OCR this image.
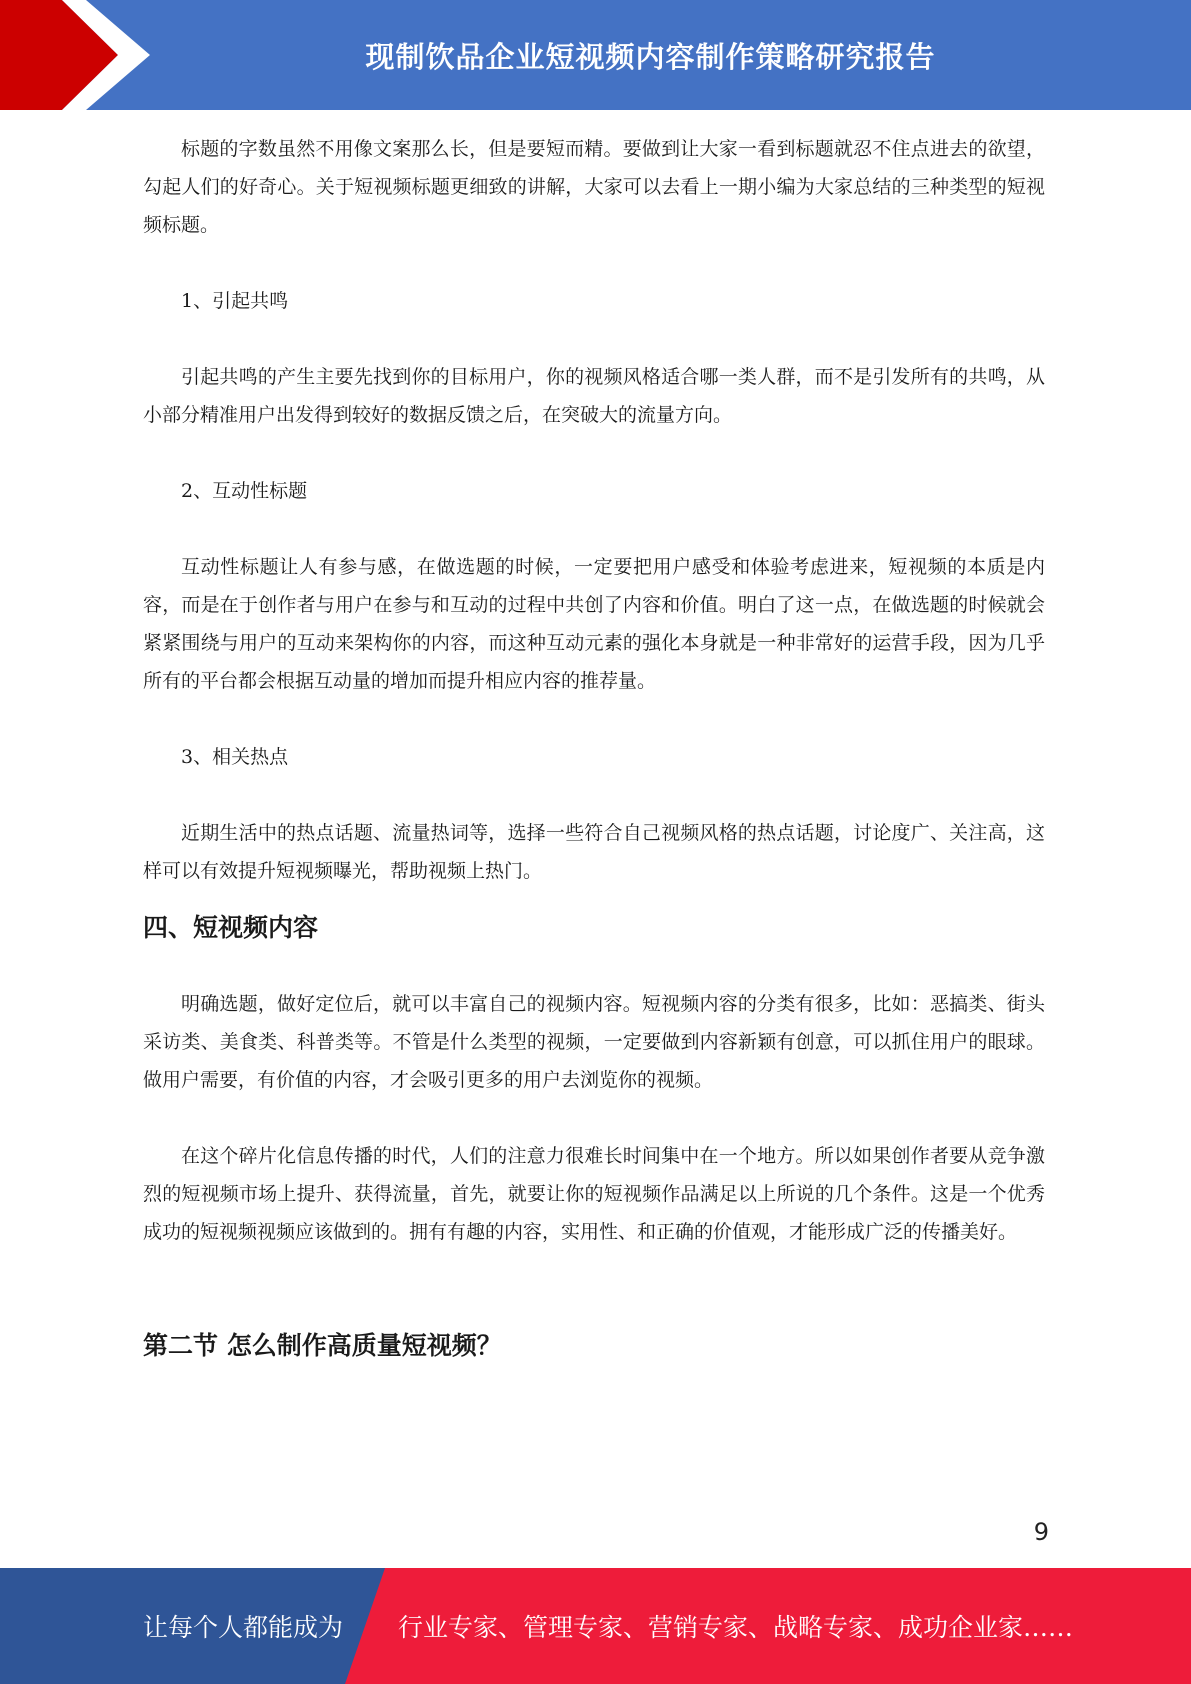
现制饮品企业短视频内容制作策略研究报告

标题的字数虽然不用像文案那么长，但是要短而精。要做到让大家一看到标题就忍不住点进去的欲望，勾起人们的好奇心。关于短视频标题更细致的讲解，大家可以去看上一期小编为大家总结的三种类型的短视频标题。

1、引起共鸣

引起共鸣的产生主要先找到你的目标用户，你的视频风格适合哪一类人群，而不是引发所有的共鸣，从小部分精准用户出发得到较好的数据反馈之后，在突破大的流量方向。

2、互动性标题

互动性标题让人有参与感，在做选题的时候，一定要把用户感受和体验考虑进来，短视频的本质是内容，而是在于创作者与用户在参与和互动的过程中共创了内容和价值。明白了这一点，在做选题的时候就会紧紧围绕与用户的互动来架构你的内容，而这种互动元素的强化本身就是一种非常好的运营手段，因为几乎所有的平台都会根据互动量的增加而提升相应内容的推荐量。

3、相关热点

近期生活中的热点话题、流量热词等，选择一些符合自己视频风格的热点话题，讨论度广、关注高，这样可以有效提升短视频曝光，帮助视频上热门。

四、短视频内容

明确选题，做好定位后，就可以丰富自己的视频内容。短视频内容的分类有很多，比如：恶搞类、街头采访类、美食类、科普类等。不管是什么类型的视频，一定要做到内容新颖有创意，可以抓住用户的眼球。做用户需要，有价值的内容，才会吸引更多的用户去浏览你的视频。

在这个碎片化信息传播的时代，人们的注意力很难长时间集中在一个地方。所以如果创作者要从竞争激烈的短视频市场上提升、获得流量，首先，就要让你的短视频作品满足以上所说的几个条件。这是一个优秀成功的短视频视频应该做到的。拥有有趣的内容，实用性、和正确的价值观，才能形成广泛的传播美好。

第二节 怎么制作高质量短视频？
9
让每个人都能成为 行业专家、管理专家、营销专家、战略专家、成功企业家……
